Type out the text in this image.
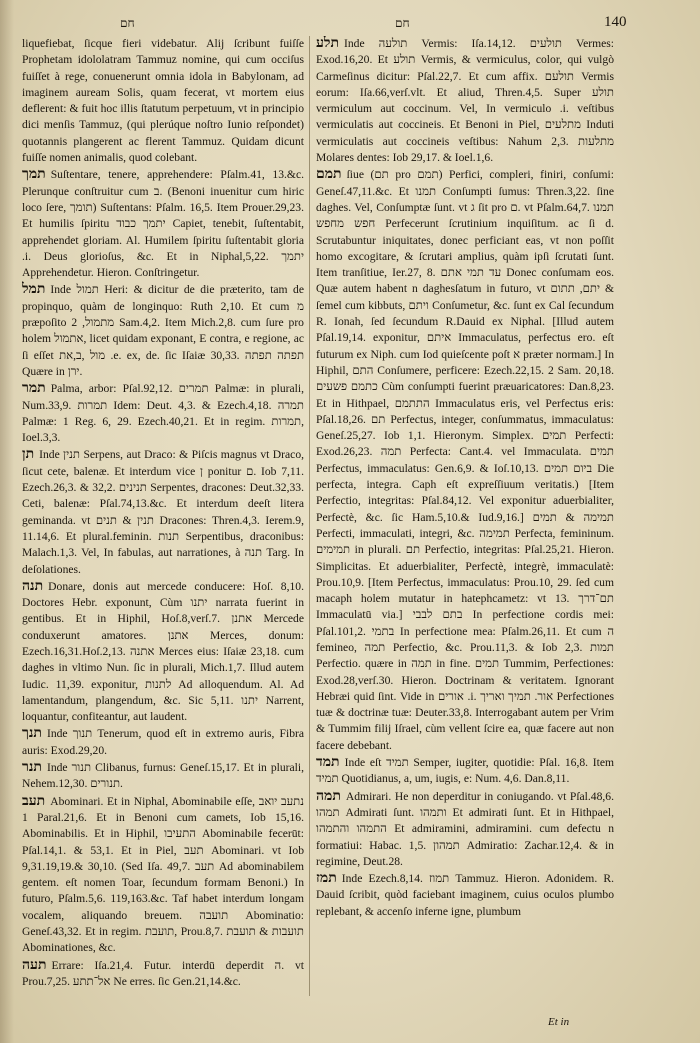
חם	חם	140

liquefiebat, ſicque fieri videbatur. Alij ſcribunt fuiſſe Prophetam idololatram Tammuz nomine, qui cum occiſus fuiſſet à rege, conuenerunt omnia idola in Babylonam, ad imaginem auream Solis, quam fecerat, vt mortem eius deflerent: & fuit hoc illis ſtatutum perpetuum, vt in principio dici menſis Tammuz, (qui plerúque noſtro Iunio reſpondet) quotannis plangerent ac flerent Tammuz. Quidam dicunt fuiſſe nomen animalis, quod colebant.

תמך Suſtentare, tenere, apprehendere: Pſalm.41, 13.&c. Plerunque conſtruitur cum ב. (Benoni inuenitur cum hiric loco ſere, תומך) Suſtentans: Pſalm. 16,5. Item Prouer.29,23. Et humilis ſpiritu יתמך כבוד Capiet, tenebit, ſuſtentabit, apprehendet gloriam. Al. Humilem ſpiritu ſuſtentabit gloria .i. Deus glorioſus, &c. Et in Niphal,5,22. יתמך Apprehendetur. Hieron. Conſtringetur.

תמל Inde תמול Heri: & dicitur de die præterito, tam de propinquo, quàm de longinquo: Ruth 2,10. Et cum מ præpoſito מתמול, 2 Sam.4,2. Item Mich.2,8. cum ſure pro holem אתמול, licet quidam exponant, E contra, e regione, ac ſi eſſet מול ,ב,את .e. ex, de. ſic Iſaiæ 30,33. תפתה תפתה Quære in ירן.

תמר Palma, arbor: Pſal.92,12. תמרים Palmæ: in plurali, Num.33,9. תמרות Idem: Deut. 4,3. & Ezech.4,18. תמרה Palmæ: 1 Reg. 6, 29. Ezech.40,21. Et in regim. תמרות, Ioel.3,3.

תן Inde תנין Serpens, aut Draco: & Piſcis magnus vt Draco, ſicut cete, balenæ. Et interdum vice ן ponitur ם. Iob 7,11. Ezech.26,3. & 32,2. תנינים Serpentes, dracones: Deut.32,33. Ceti, balenæ: Pſal.74,13.&c. Et interdum deeſt litera geminanda. vt תנין & תנים Dracones: Thren.4,3. Ierem.9, 11.14,6. Et plural.feminin. תנות Serpentibus, draconibus: Malach.1,3. Vel, In fabulas, aut narrationes, à תנה Targ. In deſolationes.

תנה Donare, donis aut mercede conducere: Hoſ. 8,10. Doctores Hebr. exponunt, Cùm יתנו narrata fuerint in gentibus. Et in Hiphil, Hoſ.8,verſ.7. אתנן Mercede conduxerunt amatores. אתנן Merces, donum: Ezech.16,31.Hoſ.2,13. אתנה Merces eius: Iſaiæ 23,18. cum daghes in vltimo Nun. ſic in plurali, Mich.1,7. Illud autem Iudic. 11,39. exponitur, לתנות Ad alloquendum. Al. Ad lamentandum, plangendum, &c. Sic 5,11. יתנו Narrent, loquantur, confiteantur, aut laudent.

תנך Inde תנוך Tenerum, quod eſt in extremo auris, Fibra auris: Exod.29,20.

תנר Inde תנור Clibanus, furnus: Geneſ.15,17. Et in plurali, Nehem.12,30. תנורים.

תעב Abominari. Et in Niphal, Abominabile eſſe, נתעב יואב 1 Paral.21,6. Et in Benoni cum camets, Iob 15,16. Abominabilis. Et in Hiphil, התעיבו Abominabile fecerūt: Pſal.14,1. & 53,1. Et in Piel, תעב Abominari. vt Iob 9,31.19,19.& 30,10. (Sed Iſa. 49,7. תעב Ad abominabilem gentem. eſt nomen Toar, ſecundum formam Benoni.) In futuro, Pſalm.5,6. 119,163.&c. Taf habet interdum longam vocalem, aliquando breuem. תועבה Abominatio: Geneſ.43,32. Et in regim. תועבת, Prou.8,7. תועבות & תועבת Abominationes, &c.

תעה Errare: Iſa.21,4. Futur. interdū deperdit ה. vt Prou.7,25. אל־תתע Ne erres. ſic Gen.21,14.&c.

תלע Inde תולעה Vermis: Iſa.14,12. תולעים Vermes: Exod.16,20. Et תולע Vermis, & vermiculus, color, qui vulgò Carmeſinus dicitur: Pſal.22,7. Et cum affix. תולעם Vermis eorum: Iſa.66,verſ.vlt. Et aliud, Thren.4,5. Super תולע vermiculum aut coccinum. Vel, In vermiculo .i. veſtibus vermiculatis aut coccineis. Et Benoni in Piel, מתלעים Induti vermiculatis aut coccineis veſtibus: Nahum 2,3. מתלעות Molares dentes: Iob 29,17. & Ioel.1,6.

תמם ſiue (תם pro תמם) Perfici, compleri, finiri, conſumi: Geneſ.47,11.&c. Et תמנו Conſumpti ſumus: Thren.3,22. ſine daghes. Vel, Conſumptæ ſunt. vt ג ſit pro ם. vt Pſalm.64,7. תמנו חפש מחפש Perfecerunt ſcrutinium inquiſitum. ac ſi d. Scrutabuntur iniquitates, donec perficiant eas, vt non poſſit homo excogitare, & ſcrutari amplius, quàm ipſi ſcrutati ſunt. Item tranſitiue, Ier.27, 8. עד תמי אתם Donec conſumam eos. Quæ autem habent n daghesſatum in futuro, vt יתם, תתום & ſemel cum kibbuts, ויתם Conſumetur, &c. ſunt ex Cal ſecundum R. Ionah, ſed ſecundum R.Dauid ex Niphal. [Illud autem Pſal.19,14. exponitur, איתם Immaculatus, perfectus ero. eſt futurum ex Niph. cum Iod quieſcente poſt א præter normam.] In Hiphil, התם Conſumere, perficere: Ezech.22,15. 2 Sam. 20,18. כתמם פשעים Cùm conſumpti fuerint præuaricatores: Dan.8,23. Et in Hithpael, התתמם Immaculatus eris, vel Perfectus eris: Pſal.18,26. תם Perfectus, integer, conſummatus, immaculatus: Geneſ.25,27. Iob 1,1. Hieronym. Simplex. תמים Perfecti: Exod.26,23. תמה Perfecta: Cant.4. vel Immaculata. תמים Perfectus, immaculatus: Gen.6,9. & Ioſ.10,13. ביום תמים Die perfecta, integra. Caph eſt expreſſiuum veritatis.) [Item Perfectio, integritas: Pſal.84,12. Vel exponitur aduerbialiter, Perfectè, &c. ſic Ham.5,10.& Iud.9,16.] תמימה & תמים Perfecti, immaculati, integri, &c. תמימה Perfecta, femininum. תמימים in plurali. תם Perfectio, integritas: Pſal.25,21. Hieron. Simplicitas. Et aduerbialiter, Perfectè, integrè, immaculatè: Prou.10,9. [Item Perfectus, immaculatus: Prou.10, 29. ſed cum macaph holem mutatur in hatephcametz: vt 13. תם־דרך Immaculatū via.] בתם לבבי In perfectione cordis mei: Pſal.101,2. בתמי In perfectione mea: Pſalm.26,11. Et cum ה femineo, תמה Perfectio, &c. Prou.11,3. & Iob 2,3. תמות Perfectio. quære in תמה in fine. תמים Tummim, Perfectiones: Exod.28,verſ.30. Hieron. Doctrinam & veritatem. Ignorant Hebræi quid ſint. Vide in אורים .i. אור. תמיך ואריך Perfectiones tuæ & doctrinæ tuæ: Deuter.33,8. Interrogabant autem per Vrim & Tummim filij Iſrael, cùm vellent ſcire ea, quæ facere aut non facere debebant.

תמד Inde eſt תמיד Semper, iugiter, quotidie: Pſal. 16,8. Item תמיד Quotidianus, a, um, iugis, e: Num. 4,6. Dan.8,11.

תמה Admirari. He non deperditur in coniugando. vt Pſal.48,6. תמהו Admirati ſunt. ותמהו Et admirati ſunt. Et in Hithpael, התמהו והתמהו Et admiramini, admiramini. cum defectu n formatiui: Habac. 1,5. תמהון Admiratio: Zachar.12,4. & in regimine, Deut.28.

תמז Inde Ezech.8,14. תמוז Tammuz. Hieron. Adonidem. R. Dauid ſcribit, quòd faciebant imaginem, cuius oculos plumbo replebant, & accenſo inferne igne, plumbum

Et in
